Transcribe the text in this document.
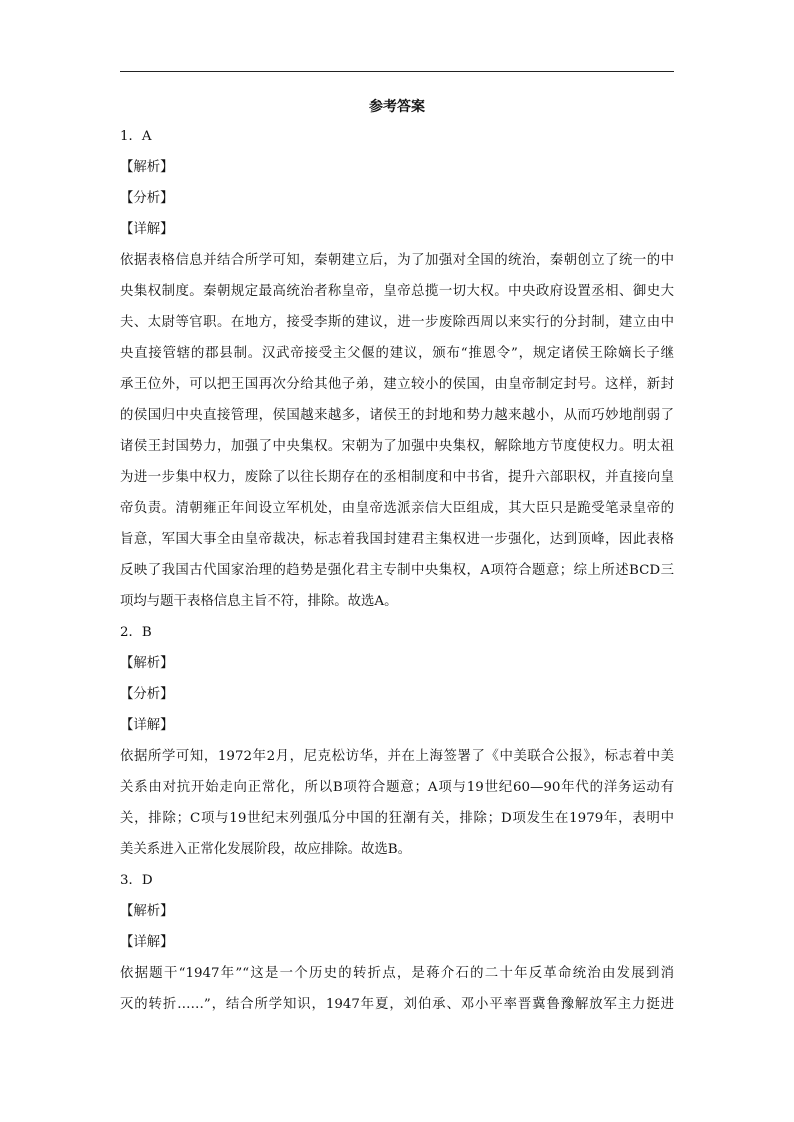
参考答案

1．A

【解析】

【分析】

【详解】

依据表格信息并结合所学可知，秦朝建立后，为了加强对全国的统治，秦朝创立了统一的中

央集权制度。秦朝规定最高统治者称皇帝，皇帝总揽一切大权。中央政府设置丞相、御史大

夫、太尉等官职。在地方，接受李斯的建议，进一步废除西周以来实行的分封制，建立由中

央直接管辖的郡县制。汉武帝接受主父偃的建议，颁布“推恩令”，规定诸侯王除嫡长子继

承王位外，可以把王国再次分给其他子弟，建立较小的侯国，由皇帝制定封号。这样，新封

的侯国归中央直接管理，侯国越来越多，诸侯王的封地和势力越来越小，从而巧妙地削弱了

诸侯王封国势力，加强了中央集权。宋朝为了加强中央集权，解除地方节度使权力。明太祖

为进一步集中权力，废除了以往长期存在的丞相制度和中书省，提升六部职权，并直接向皇

帝负责。清朝雍正年间设立军机处，由皇帝选派亲信大臣组成，其大臣只是跪受笔录皇帝的

旨意，军国大事全由皇帝裁决，标志着我国封建君主集权进一步强化，达到顶峰，因此表格

反映了我国古代国家治理的趋势是强化君主专制中央集权，A项符合题意；综上所述BCD三

项均与题干表格信息主旨不符，排除。故选A。

2．B

【解析】

【分析】

【详解】

依据所学可知，1972年2月，尼克松访华，并在上海签署了《中美联合公报》，标志着中美

关系由对抗开始走向正常化，所以B项符合题意；A项与19世纪60—90年代的洋务运动有

关，排除；C项与19世纪末列强瓜分中国的狂潮有关，排除；D项发生在1979年，表明中

美关系进入正常化发展阶段，故应排除。故选B。

3．D

【解析】

【详解】

依据题干“1947年”“这是一个历史的转折点，是蒋介石的二十年反革命统治由发展到消

灭的转折……”，结合所学知识，1947年夏，刘伯承、邓小平率晋冀鲁豫解放军主力挺进
